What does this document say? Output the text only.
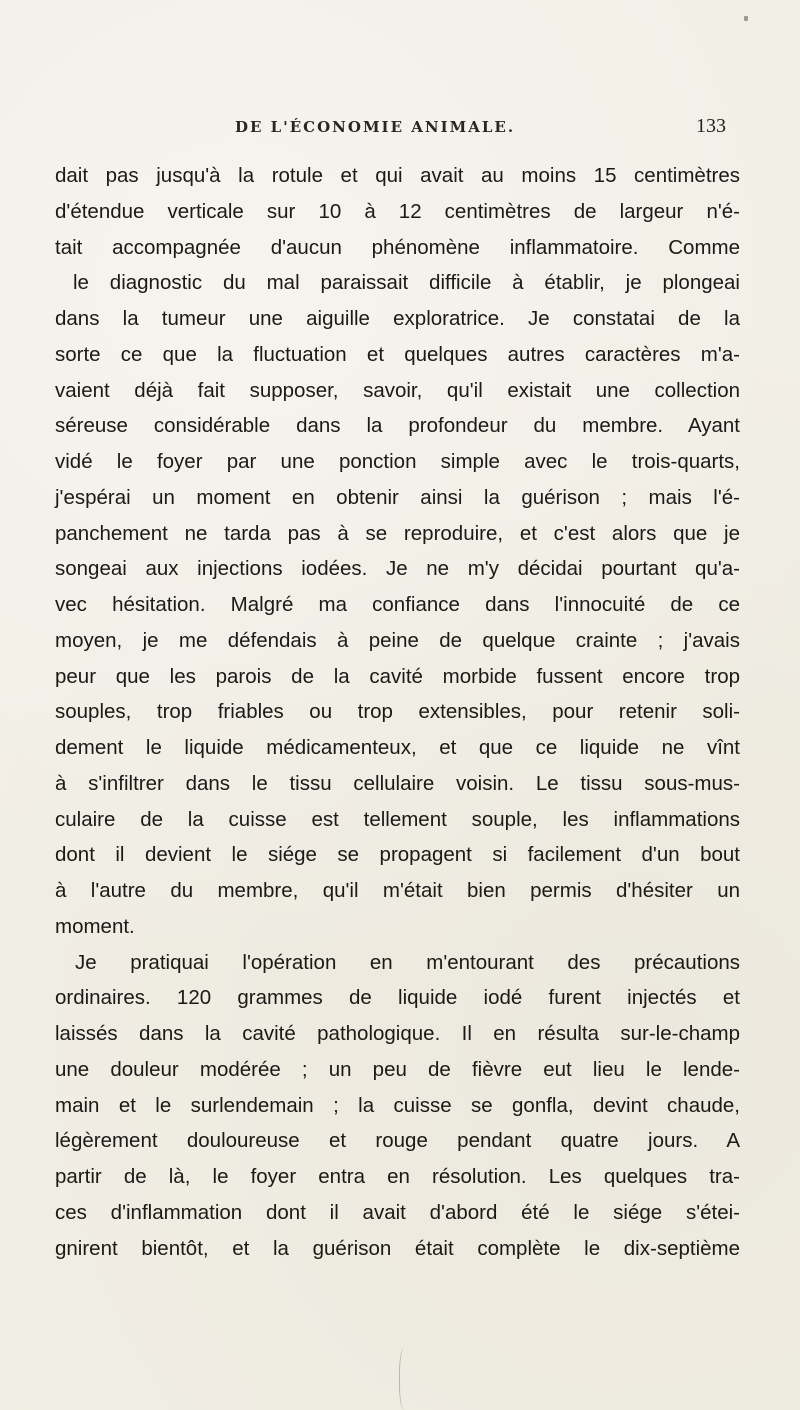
DE L'ÉCONOMIE ANIMALE.	133
dait pas jusqu'à la rotule et qui avait au moins 15 centimètres
d'étendue verticale sur 10 à 12 centimètres de largeur n'é-
tait accompagnée d'aucun phénomène inflammatoire. Comme
le diagnostic du mal paraissait difficile à établir, je plongeai
dans la tumeur une aiguille exploratrice. Je constatai de la
sorte ce que la fluctuation et quelques autres caractères m'a-
vaient déjà fait supposer, savoir, qu'il existait une collection
séreuse considérable dans la profondeur du membre. Ayant
vidé le foyer par une ponction simple avec le trois-quarts,
j'espérai un moment en obtenir ainsi la guérison ; mais l'é-
panchement ne tarda pas à se reproduire, et c'est alors que je
songeai aux injections iodées. Je ne m'y décidai pourtant qu'a-
vec hésitation. Malgré ma confiance dans l'innocuité de ce
moyen, je me défendais à peine de quelque crainte ; j'avais
peur que les parois de la cavité morbide fussent encore trop
souples, trop friables ou trop extensibles, pour retenir soli-
dement le liquide médicamenteux, et que ce liquide ne vînt
à s'infiltrer dans le tissu cellulaire voisin. Le tissu sous-mus-
culaire de la cuisse est tellement souple, les inflammations
dont il devient le siége se propagent si facilement d'un bout
à l'autre du membre, qu'il m'était bien permis d'hésiter un
moment.
Je pratiquai l'opération en m'entourant des précautions
ordinaires. 120 grammes de liquide iodé furent injectés et
laissés dans la cavité pathologique. Il en résulta sur-le-champ
une douleur modérée ; un peu de fièvre eut lieu le lende-
main et le surlendemain ; la cuisse se gonfla, devint chaude,
légèrement douloureuse et rouge pendant quatre jours. A
partir de là, le foyer entra en résolution. Les quelques tra-
ces d'inflammation dont il avait d'abord été le siége s'étei-
gnirent bientôt, et la guérison était complète le dix-septième
